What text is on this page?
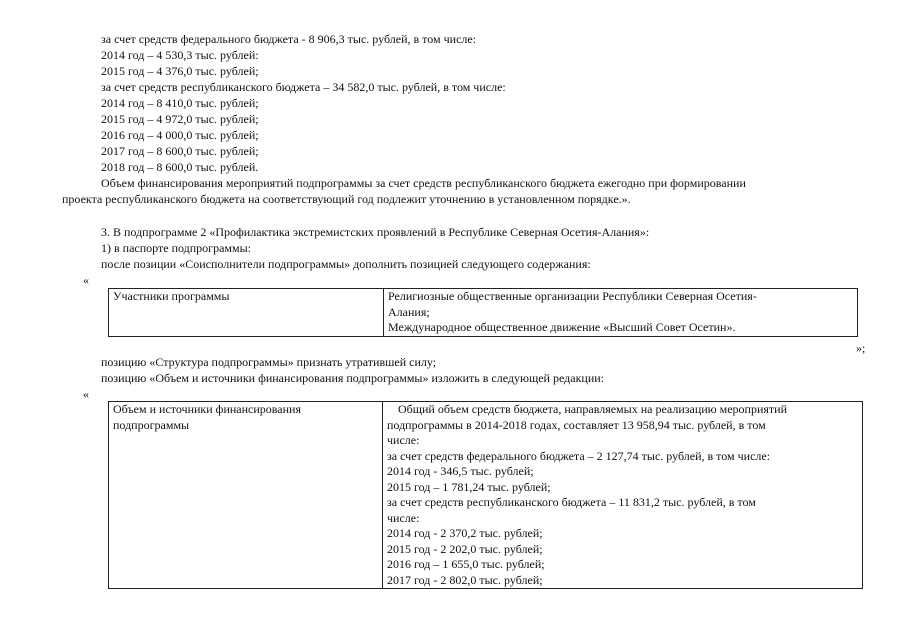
за счет средств федерального бюджета - 8 906,3 тыс. рублей, в том числе:
2014 год – 4 530,3 тыс. рублей:
2015 год – 4 376,0 тыс. рублей;
за счет средств республиканского бюджета – 34 582,0 тыс. рублей, в том числе:
2014 год – 8 410,0 тыс. рублей;
2015 год – 4 972,0 тыс. рублей;
2016 год – 4 000,0 тыс. рублей;
2017 год – 8 600,0 тыс. рублей;
2018 год – 8 600,0 тыс. рублей.
Объем финансирования мероприятий подпрограммы за счет средств республиканского бюджета ежегодно при формировании
проекта республиканского бюджета на соответствующий год подлежит уточнению в установленном порядке.».
3. В подпрограмме 2 «Профилактика экстремистских проявлений в Республике Северная Осетия-Алания»:
1) в паспорте подпрограммы:
после позиции «Соисполнители подпрограммы» дополнить позицией следующего содержания:
«
Участники программы	Религиозные общественные организации Республики Северная Осетия-
Алания;
Международное общественное движение «Высший Совет Осетин».
»;
позицию «Структура подпрограммы» признать утратившей силу;
позицию «Объем и источники финансирования подпрограммы» изложить в следующей редакции:
«
Объем и источники финансирования
подпрограммы

Общий объем средств бюджета, направляемых на реализацию мероприятий
подпрограммы в 2014-2018 годах, составляет 13 958,94 тыс. рублей, в том
числе:
за счет средств федерального бюджета – 2 127,74 тыс. рублей, в том числе:
2014 год - 346,5 тыс. рублей;
2015 год – 1 781,24 тыс. рублей;
за счет средств республиканского бюджета – 11 831,2 тыс. рублей, в том
числе:
2014 год - 2 370,2 тыс. рублей;
2015 год - 2 202,0 тыс. рублей;
2016 год – 1 655,0 тыс. рублей;
2017 год - 2 802,0 тыс. рублей;
